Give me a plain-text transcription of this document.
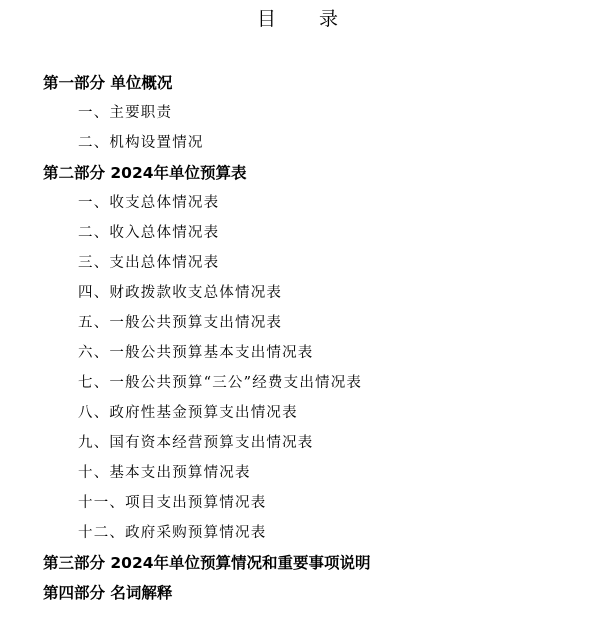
目　录
第一部分 单位概况
一、主要职责
二、机构设置情况
第二部分 2024年单位预算表
一、收支总体情况表
二、收入总体情况表
三、支出总体情况表
四、财政拨款收支总体情况表
五、一般公共预算支出情况表
六、一般公共预算基本支出情况表
七、一般公共预算“三公”经费支出情况表
八、政府性基金预算支出情况表
九、国有资本经营预算支出情况表
十、基本支出预算情况表
十一、项目支出预算情况表
十二、政府采购预算情况表
第三部分 2024年单位预算情况和重要事项说明
第四部分 名词解释
